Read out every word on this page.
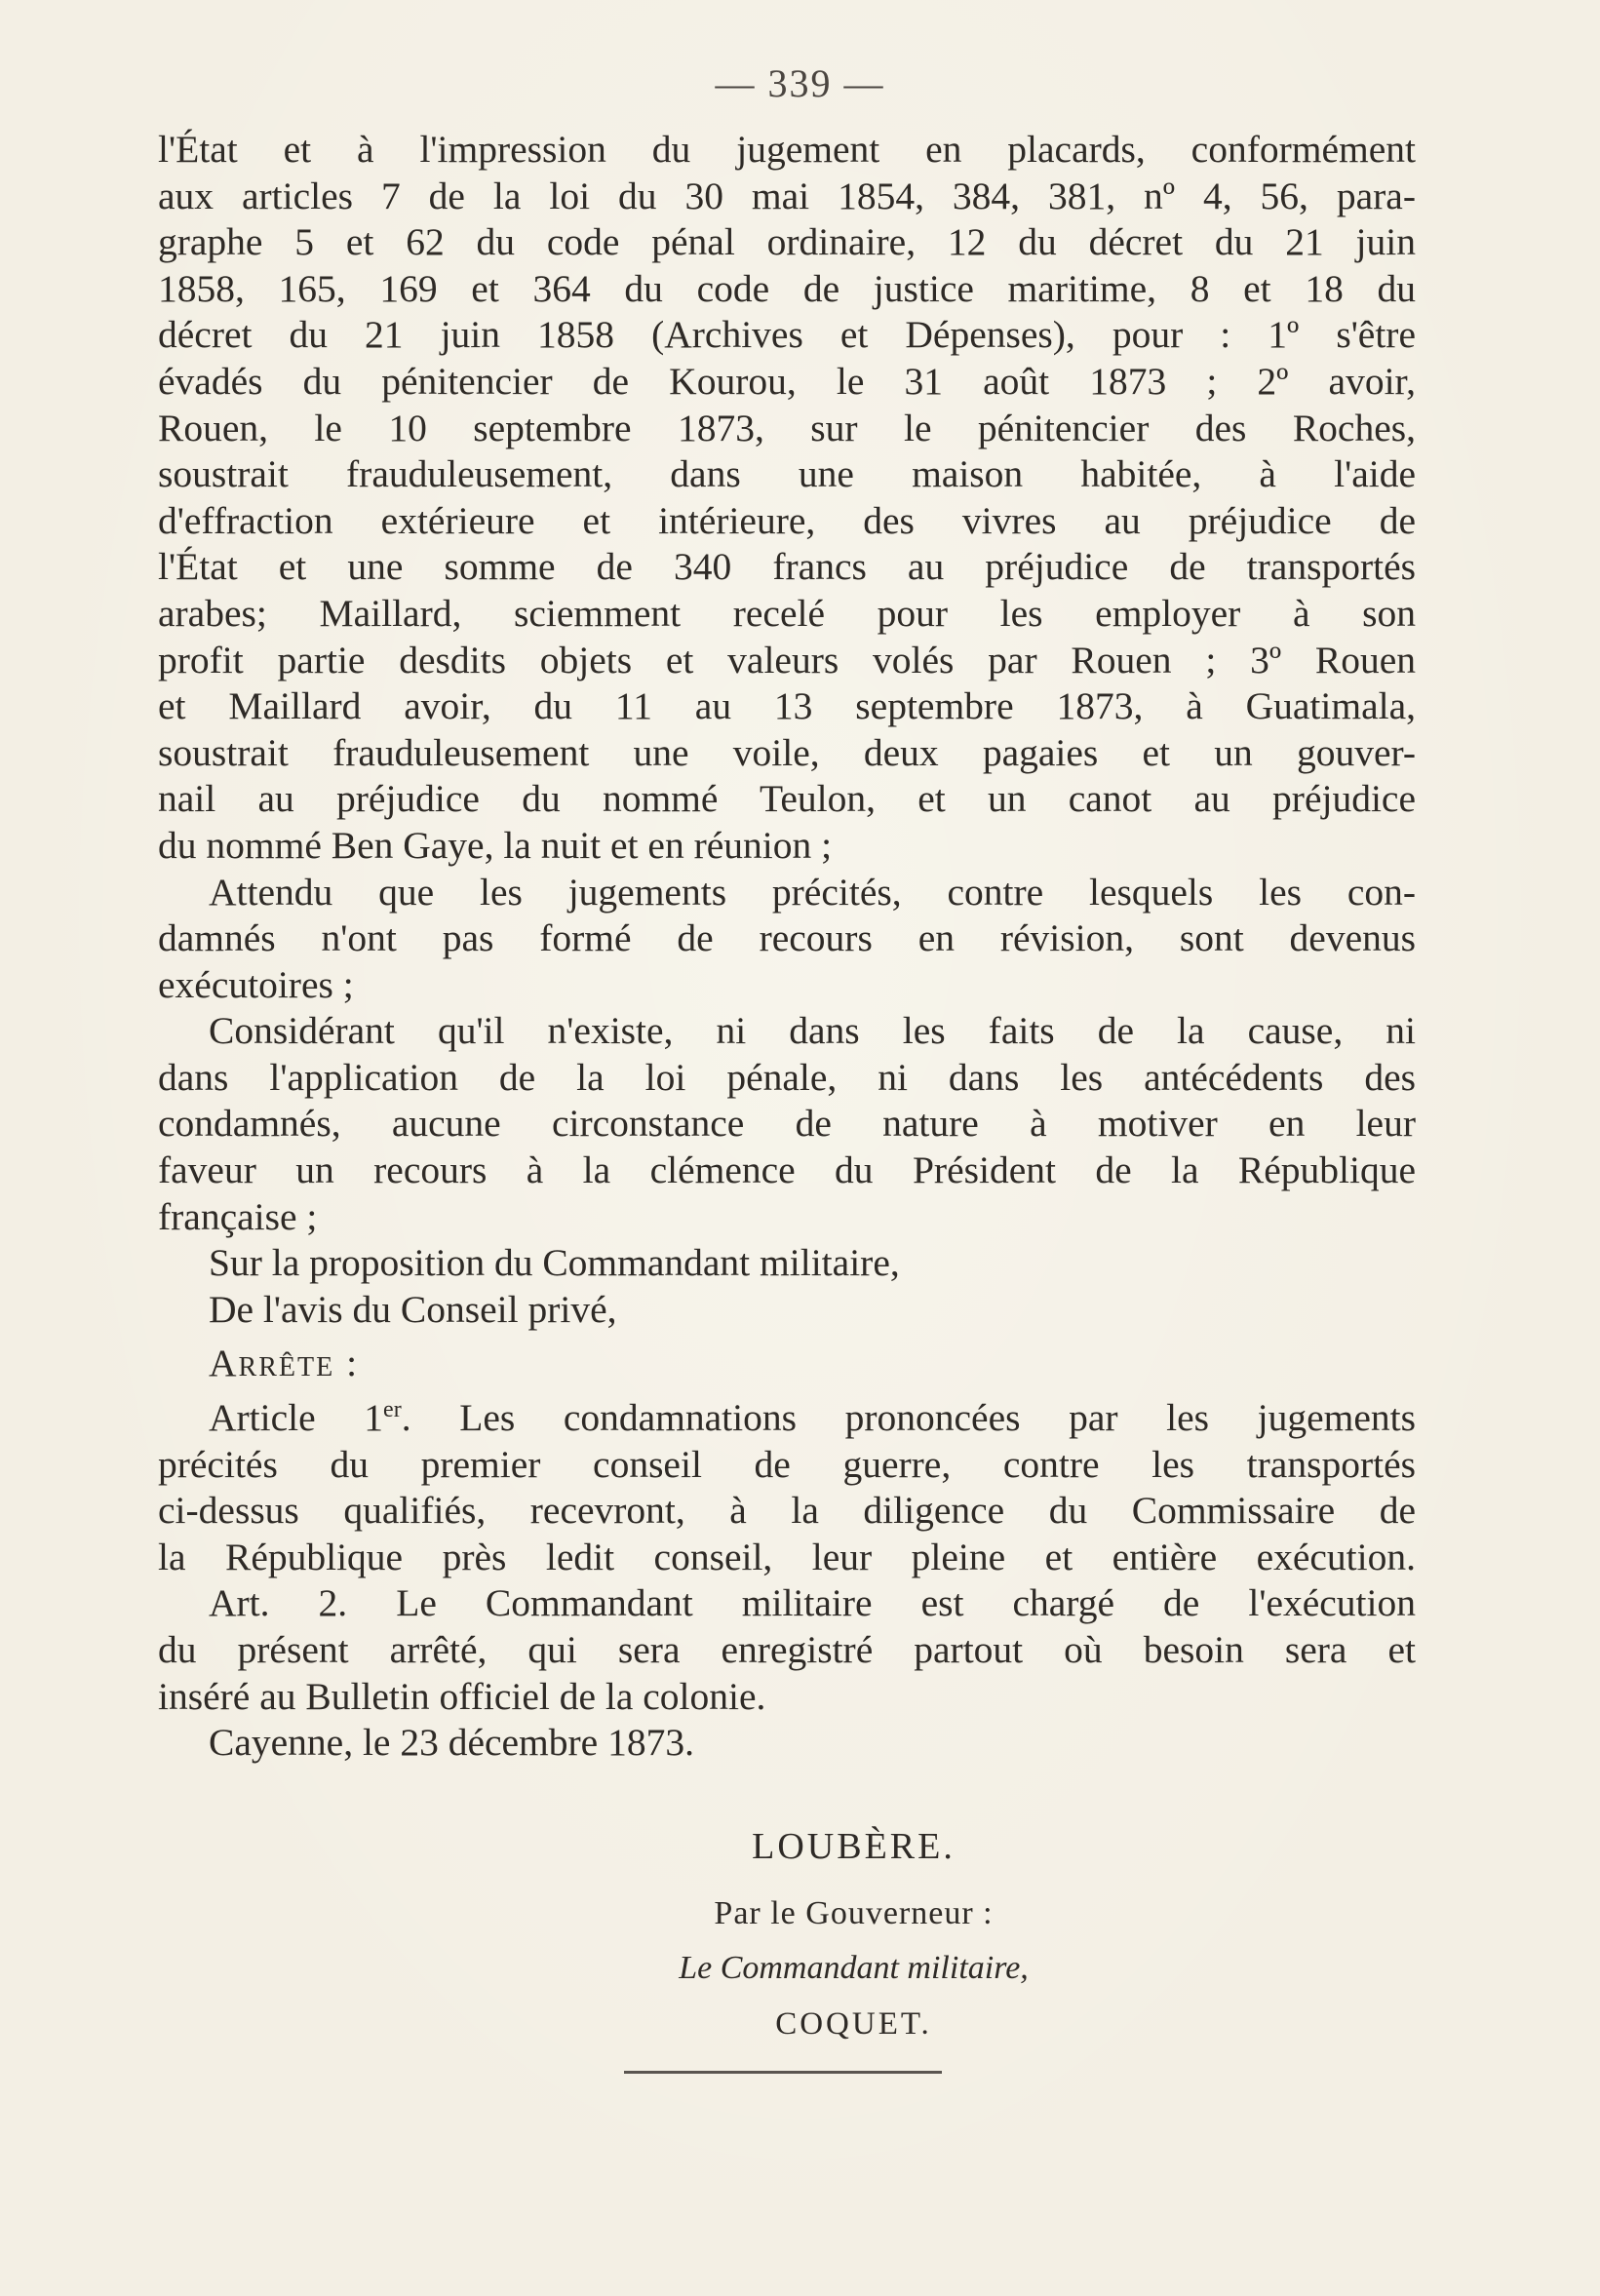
— 339 —
l'État et à l'impression du jugement en placards, conformément
aux articles 7 de la loi du 30 mai 1854, 384, 381, nº 4, 56, para-
graphe 5 et 62 du code pénal ordinaire, 12 du décret du 21 juin
1858, 165, 169 et 364 du code de justice maritime, 8 et 18 du
décret du 21 juin 1858 (Archives et Dépenses), pour : 1º s'être
évadés du pénitencier de Kourou, le 31 août 1873 ; 2º avoir,
Rouen, le 10 septembre 1873, sur le pénitencier des Roches,
soustrait frauduleusement, dans une maison habitée, à l'aide
d'effraction extérieure et intérieure, des vivres au préjudice de
l'État et une somme de 340 francs au préjudice de transportés
arabes; Maillard, sciemment recelé pour les employer à son
profit partie desdits objets et valeurs volés par Rouen ; 3º Rouen
et Maillard avoir, du 11 au 13 septembre 1873, à Guatimala,
soustrait frauduleusement une voile, deux pagaies et un gouver-
nail au préjudice du nommé Teulon, et un canot au préjudice
du nommé Ben Gaye, la nuit et en réunion ;
Attendu que les jugements précités, contre lesquels les con-
damnés n'ont pas formé de recours en révision, sont devenus
exécutoires ;
Considérant qu'il n'existe, ni dans les faits de la cause, ni
dans l'application de la loi pénale, ni dans les antécédents des
condamnés, aucune circonstance de nature à motiver en leur
faveur un recours à la clémence du Président de la République
française ;
Sur la proposition du Commandant militaire,
De l'avis du Conseil privé,
Arrête :
Article 1er. Les condamnations prononcées par les jugements
précités du premier conseil de guerre, contre les transportés
ci-dessus qualifiés, recevront, à la diligence du Commissaire de
la République près ledit conseil, leur pleine et entière exécution.
Art. 2. Le Commandant militaire est chargé de l'exécution
du présent arrêté, qui sera enregistré partout où besoin sera et
inséré au Bulletin officiel de la colonie.
Cayenne, le 23 décembre 1873.
LOUBÈRE.
Par le Gouverneur :
Le Commandant militaire,
COQUET.
